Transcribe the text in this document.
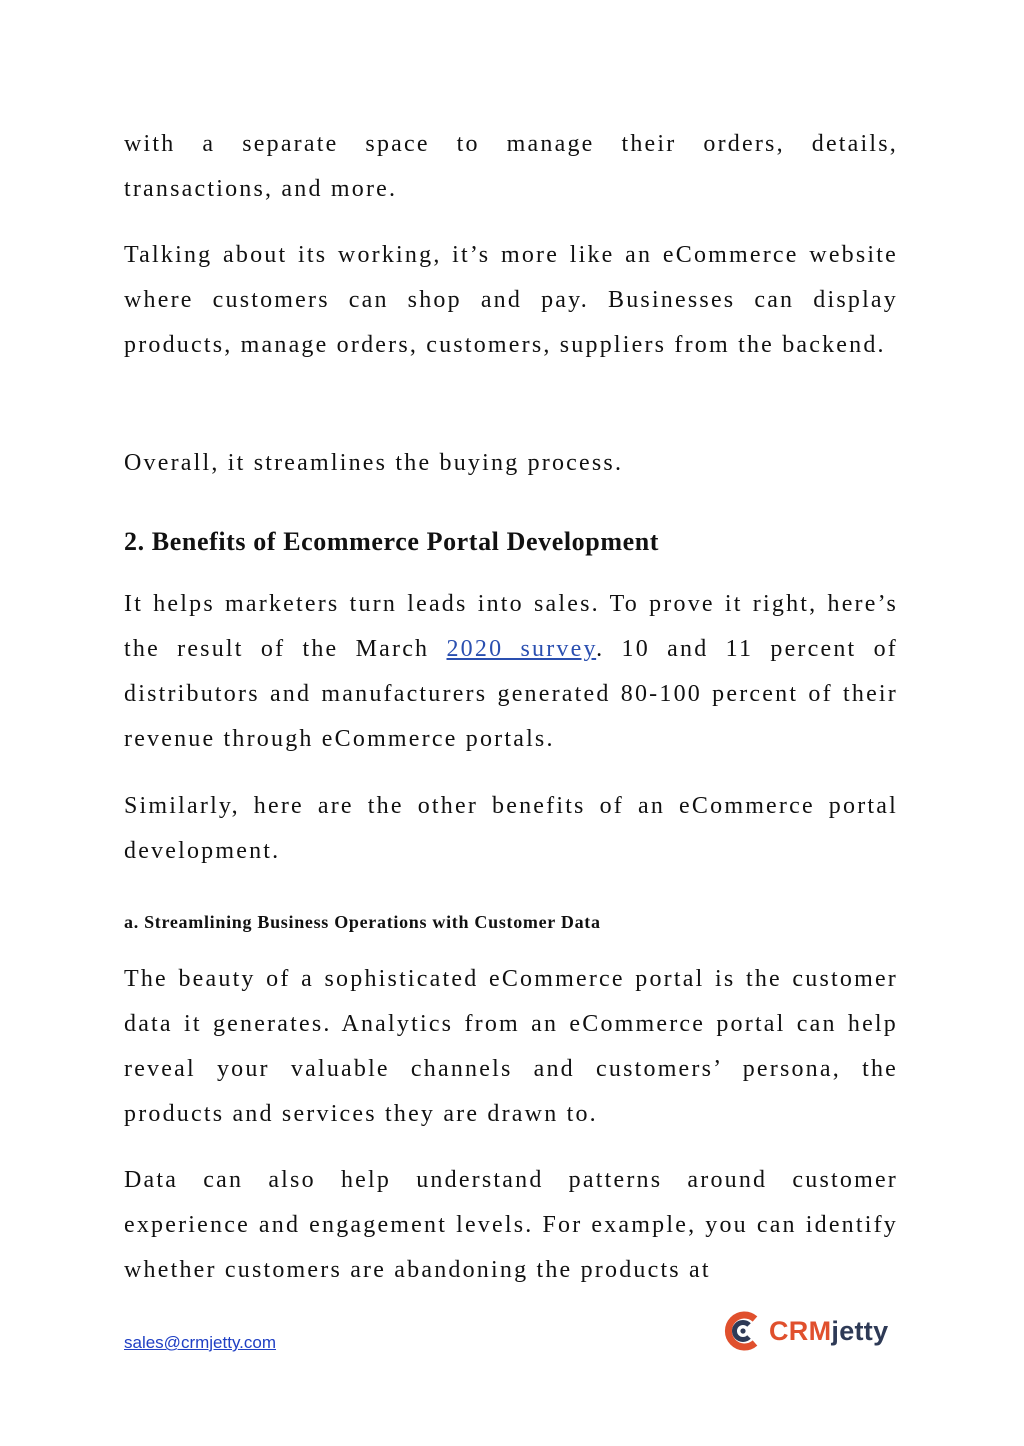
with a separate space to manage their orders, details, transactions, and more.

Talking about its working, it’s more like an eCommerce website where customers can shop and pay. Businesses can display products, manage orders, customers, suppliers from the backend.

Overall, it streamlines the buying process.

2. Benefits of Ecommerce Portal Development

It helps marketers turn leads into sales. To prove it right, here’s the result of the March 2020 survey. 10 and 11 percent of distributors and manufacturers generated 80-100 percent of their revenue through eCommerce portals.

Similarly, here are the other benefits of an eCommerce portal development.

a. Streamlining Business Operations with Customer Data

The beauty of a sophisticated eCommerce portal is the customer data it generates. Analytics from an eCommerce portal can help reveal your valuable channels and customers’ persona, the products and services they are drawn to.

Data can also help understand patterns around customer experience and engagement levels. For example, you can identify whether customers are abandoning the products at

sales@crmjetty.com	CRMjetty
